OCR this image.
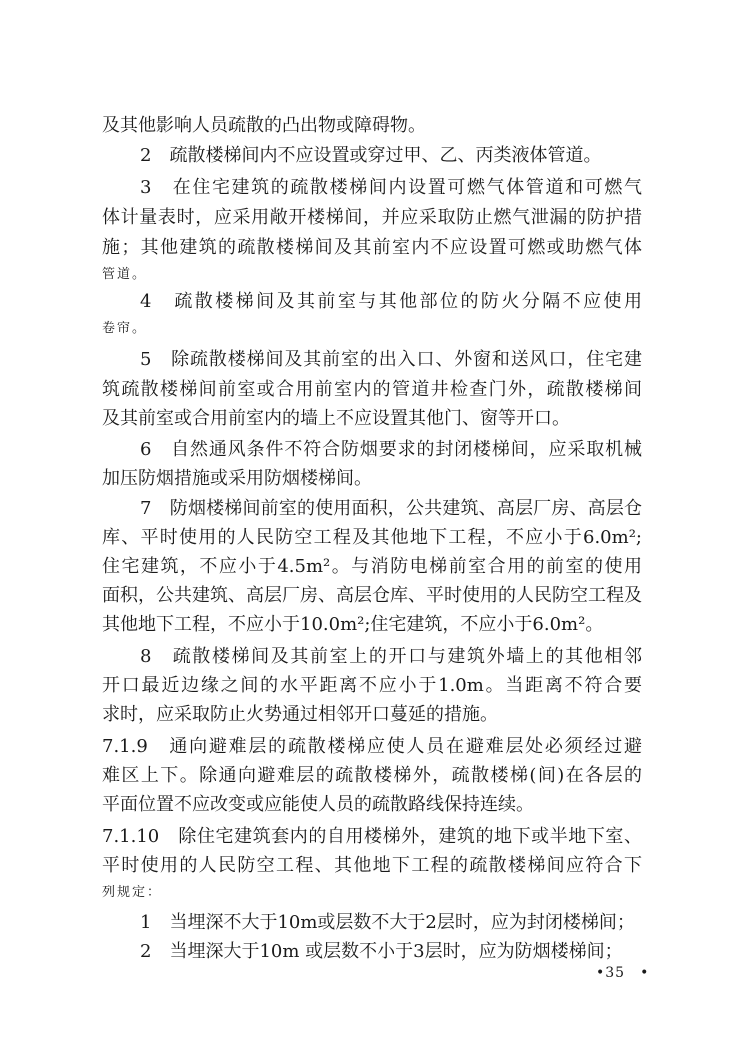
及其他影响人员疏散的凸出物或障碍物。
2　疏散楼梯间内不应设置或穿过甲、乙、丙类液体管道。
3　在住宅建筑的疏散楼梯间内设置可燃气体管道和可燃气
体计量表时，应采用敞开楼梯间，并应采取防止燃气泄漏的防护措
施；其他建筑的疏散楼梯间及其前室内不应设置可燃或助燃气体
管道。
4　疏散楼梯间及其前室与其他部位的防火分隔不应使用
卷帘。
5　除疏散楼梯间及其前室的出入口、外窗和送风口，住宅建
筑疏散楼梯间前室或合用前室内的管道井检查门外，疏散楼梯间
及其前室或合用前室内的墙上不应设置其他门、窗等开口。
6　自然通风条件不符合防烟要求的封闭楼梯间，应采取机械
加压防烟措施或采用防烟楼梯间。
7　防烟楼梯间前室的使用面积，公共建筑、高层厂房、高层仓
库、平时使用的人民防空工程及其他地下工程，不应小于6.0m²;
住宅建筑，不应小于4.5m²。与消防电梯前室合用的前室的使用
面积，公共建筑、高层厂房、高层仓库、平时使用的人民防空工程及
其他地下工程，不应小于10.0m²;住宅建筑，不应小于6.0m²。
8　疏散楼梯间及其前室上的开口与建筑外墙上的其他相邻
开口最近边缘之间的水平距离不应小于1.0m。当距离不符合要
求时，应采取防止火势通过相邻开口蔓延的措施。
7.1.9　通向避难层的疏散楼梯应使人员在避难层处必须经过避
难区上下。除通向避难层的疏散楼梯外，疏散楼梯(间)在各层的
平面位置不应改变或应能使人员的疏散路线保持连续。
7.1.10　除住宅建筑套内的自用楼梯外，建筑的地下或半地下室、
平时使用的人民防空工程、其他地下工程的疏散楼梯间应符合下
列规定：
1　当埋深不大于10m或层数不大于2层时，应为封闭楼梯间；
2　当埋深大于10m 或层数不小于3层时，应为防烟楼梯间；
•35　•
